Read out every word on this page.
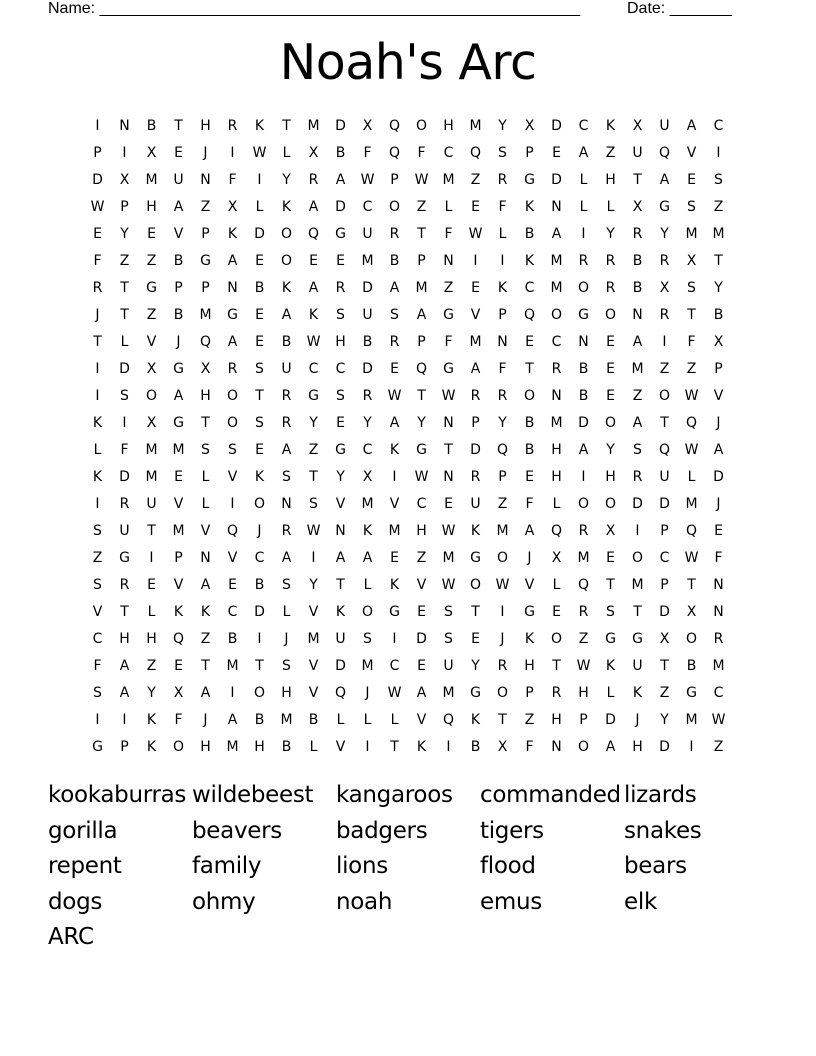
Name: ______________________________________________________	Date: _______
Noah's Arc
I	N	B	T	H	R	K	T	M	D	X	Q	O	H	M	Y	X	D	C	K	X	U	A	C
P	I	X	E	J	I	W	L	X	B	F	Q	F	C	Q	S	P	E	A	Z	U	Q	V	I
D	X	M	U	N	F	I	Y	R	A	W	P	W	M	Z	R	G	D	L	H	T	A	E	S
W	P	H	A	Z	X	L	K	A	D	C	O	Z	L	E	F	K	N	L	L	X	G	S	Z
E	Y	E	V	P	K	D	O	Q	G	U	R	T	F	W	L	B	A	I	Y	R	Y	M	M
F	Z	Z	B	G	A	E	O	E	E	M	B	P	N	I	I	K	M	R	R	B	R	X	T
R	T	G	P	P	N	B	K	A	R	D	A	M	Z	E	K	C	M	O	R	B	X	S	Y
J	T	Z	B	M	G	E	A	K	S	U	S	A	G	V	P	Q	O	G	O	N	R	T	B
T	L	V	J	Q	A	E	B	W	H	B	R	P	F	M	N	E	C	N	E	A	I	F	X
I	D	X	G	X	R	S	U	C	C	D	E	Q	G	A	F	T	R	B	E	M	Z	Z	P
I	S	O	A	H	O	T	R	G	S	R	W	T	W	R	R	O	N	B	E	Z	O	W	V
K	I	X	G	T	O	S	R	Y	E	Y	A	Y	N	P	Y	B	M	D	O	A	T	Q	J
L	F	M	M	S	S	E	A	Z	G	C	K	G	T	D	Q	B	H	A	Y	S	Q	W	A
K	D	M	E	L	V	K	S	T	Y	X	I	W	N	R	P	E	H	I	H	R	U	L	D
I	R	U	V	L	I	O	N	S	V	M	V	C	E	U	Z	F	L	O	O	D	D	M	J
S	U	T	M	V	Q	J	R	W	N	K	M	H	W	K	M	A	Q	R	X	I	P	Q	E
Z	G	I	P	N	V	C	A	I	A	A	E	Z	M	G	O	J	X	M	E	O	C	W	F
S	R	E	V	A	E	B	S	Y	T	L	K	V	W	O	W	V	L	Q	T	M	P	T	N
V	T	L	K	K	C	D	L	V	K	O	G	E	S	T	I	G	E	R	S	T	D	X	N
C	H	H	Q	Z	B	I	J	M	U	S	I	D	S	E	J	K	O	Z	G	G	X	O	R
F	A	Z	E	T	M	T	S	V	D	M	C	E	U	Y	R	H	T	W	K	U	T	B	M
S	A	Y	X	A	I	O	H	V	Q	J	W	A	M	G	O	P	R	H	L	K	Z	G	C
I	I	K	F	J	A	B	M	B	L	L	L	V	Q	K	T	Z	H	P	D	J	Y	M	W
G	P	K	O	H	M	H	B	L	V	I	T	K	I	B	X	F	N	O	A	H	D	I	Z
kookaburras wildebeest kangaroos	commanded lizards
gorilla	beavers	badgers	tigers	snakes
repent	family	lions	flood	bears
dogs	ohmy	noah	emus	elk
ARC
